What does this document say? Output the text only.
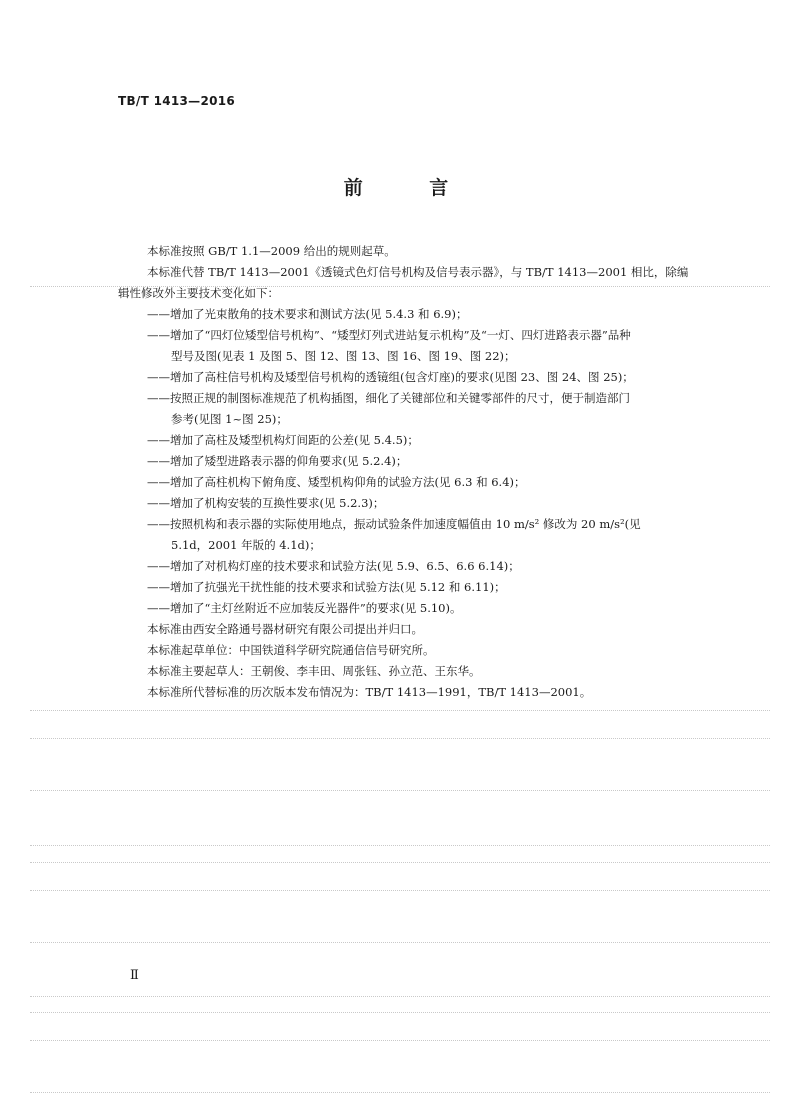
TB/T 1413—2016
前 言

本标准按照 GB/T 1.1—2009 给出的规则起草。

本标准代替 TB/T 1413—2001《透镜式色灯信号机构及信号表示器》，与 TB/T 1413—2001 相比，除编辑性修改外主要技术变化如下：

——增加了光束散角的技术要求和测试方法(见 5.4.3 和 6.9)；
——增加了“四灯位矮型信号机构”、“矮型灯列式进站复示机构”及“一灯、四灯进路表示器”品种
型号及图(见表 1 及图 5、图 12、图 13、图 16、图 19、图 22)；
——增加了高柱信号机构及矮型信号机构的透镜组(包含灯座)的要求(见图 23、图 24、图 25)；
——按照正规的制图标准规范了机构插图，细化了关键部位和关键零部件的尺寸，便于制造部门
参考(见图 1~图 25)；
——增加了高柱及矮型机构灯间距的公差(见 5.4.5)；
——增加了矮型进路表示器的仰角要求(见 5.2.4)；
——增加了高柱机构下俯角度、矮型机构仰角的试验方法(见 6.3 和 6.4)；
——增加了机构安装的互换性要求(见 5.2.3)；
——按照机构和表示器的实际使用地点，振动试验条件加速度幅值由 10 m/s² 修改为 20 m/s²(见
5.1d，2001 年版的 4.1d)；
——增加了对机构灯座的技术要求和试验方法(见 5.9、6.5、6.6 6.14)；
——增加了抗强光干扰性能的技术要求和试验方法(见 5.12 和 6.11)；
——增加了“主灯丝附近不应加装反光器件”的要求(见 5.10)。

本标准由西安全路通号器材研究有限公司提出并归口。

本标准起草单位：中国铁道科学研究院通信信号研究所。

本标准主要起草人：王朝俊、李丰田、周张钰、孙立范、王东华。

本标准所代替标准的历次版本发布情况为：TB/T 1413—1991，TB/T 1413—2001。

Ⅱ
